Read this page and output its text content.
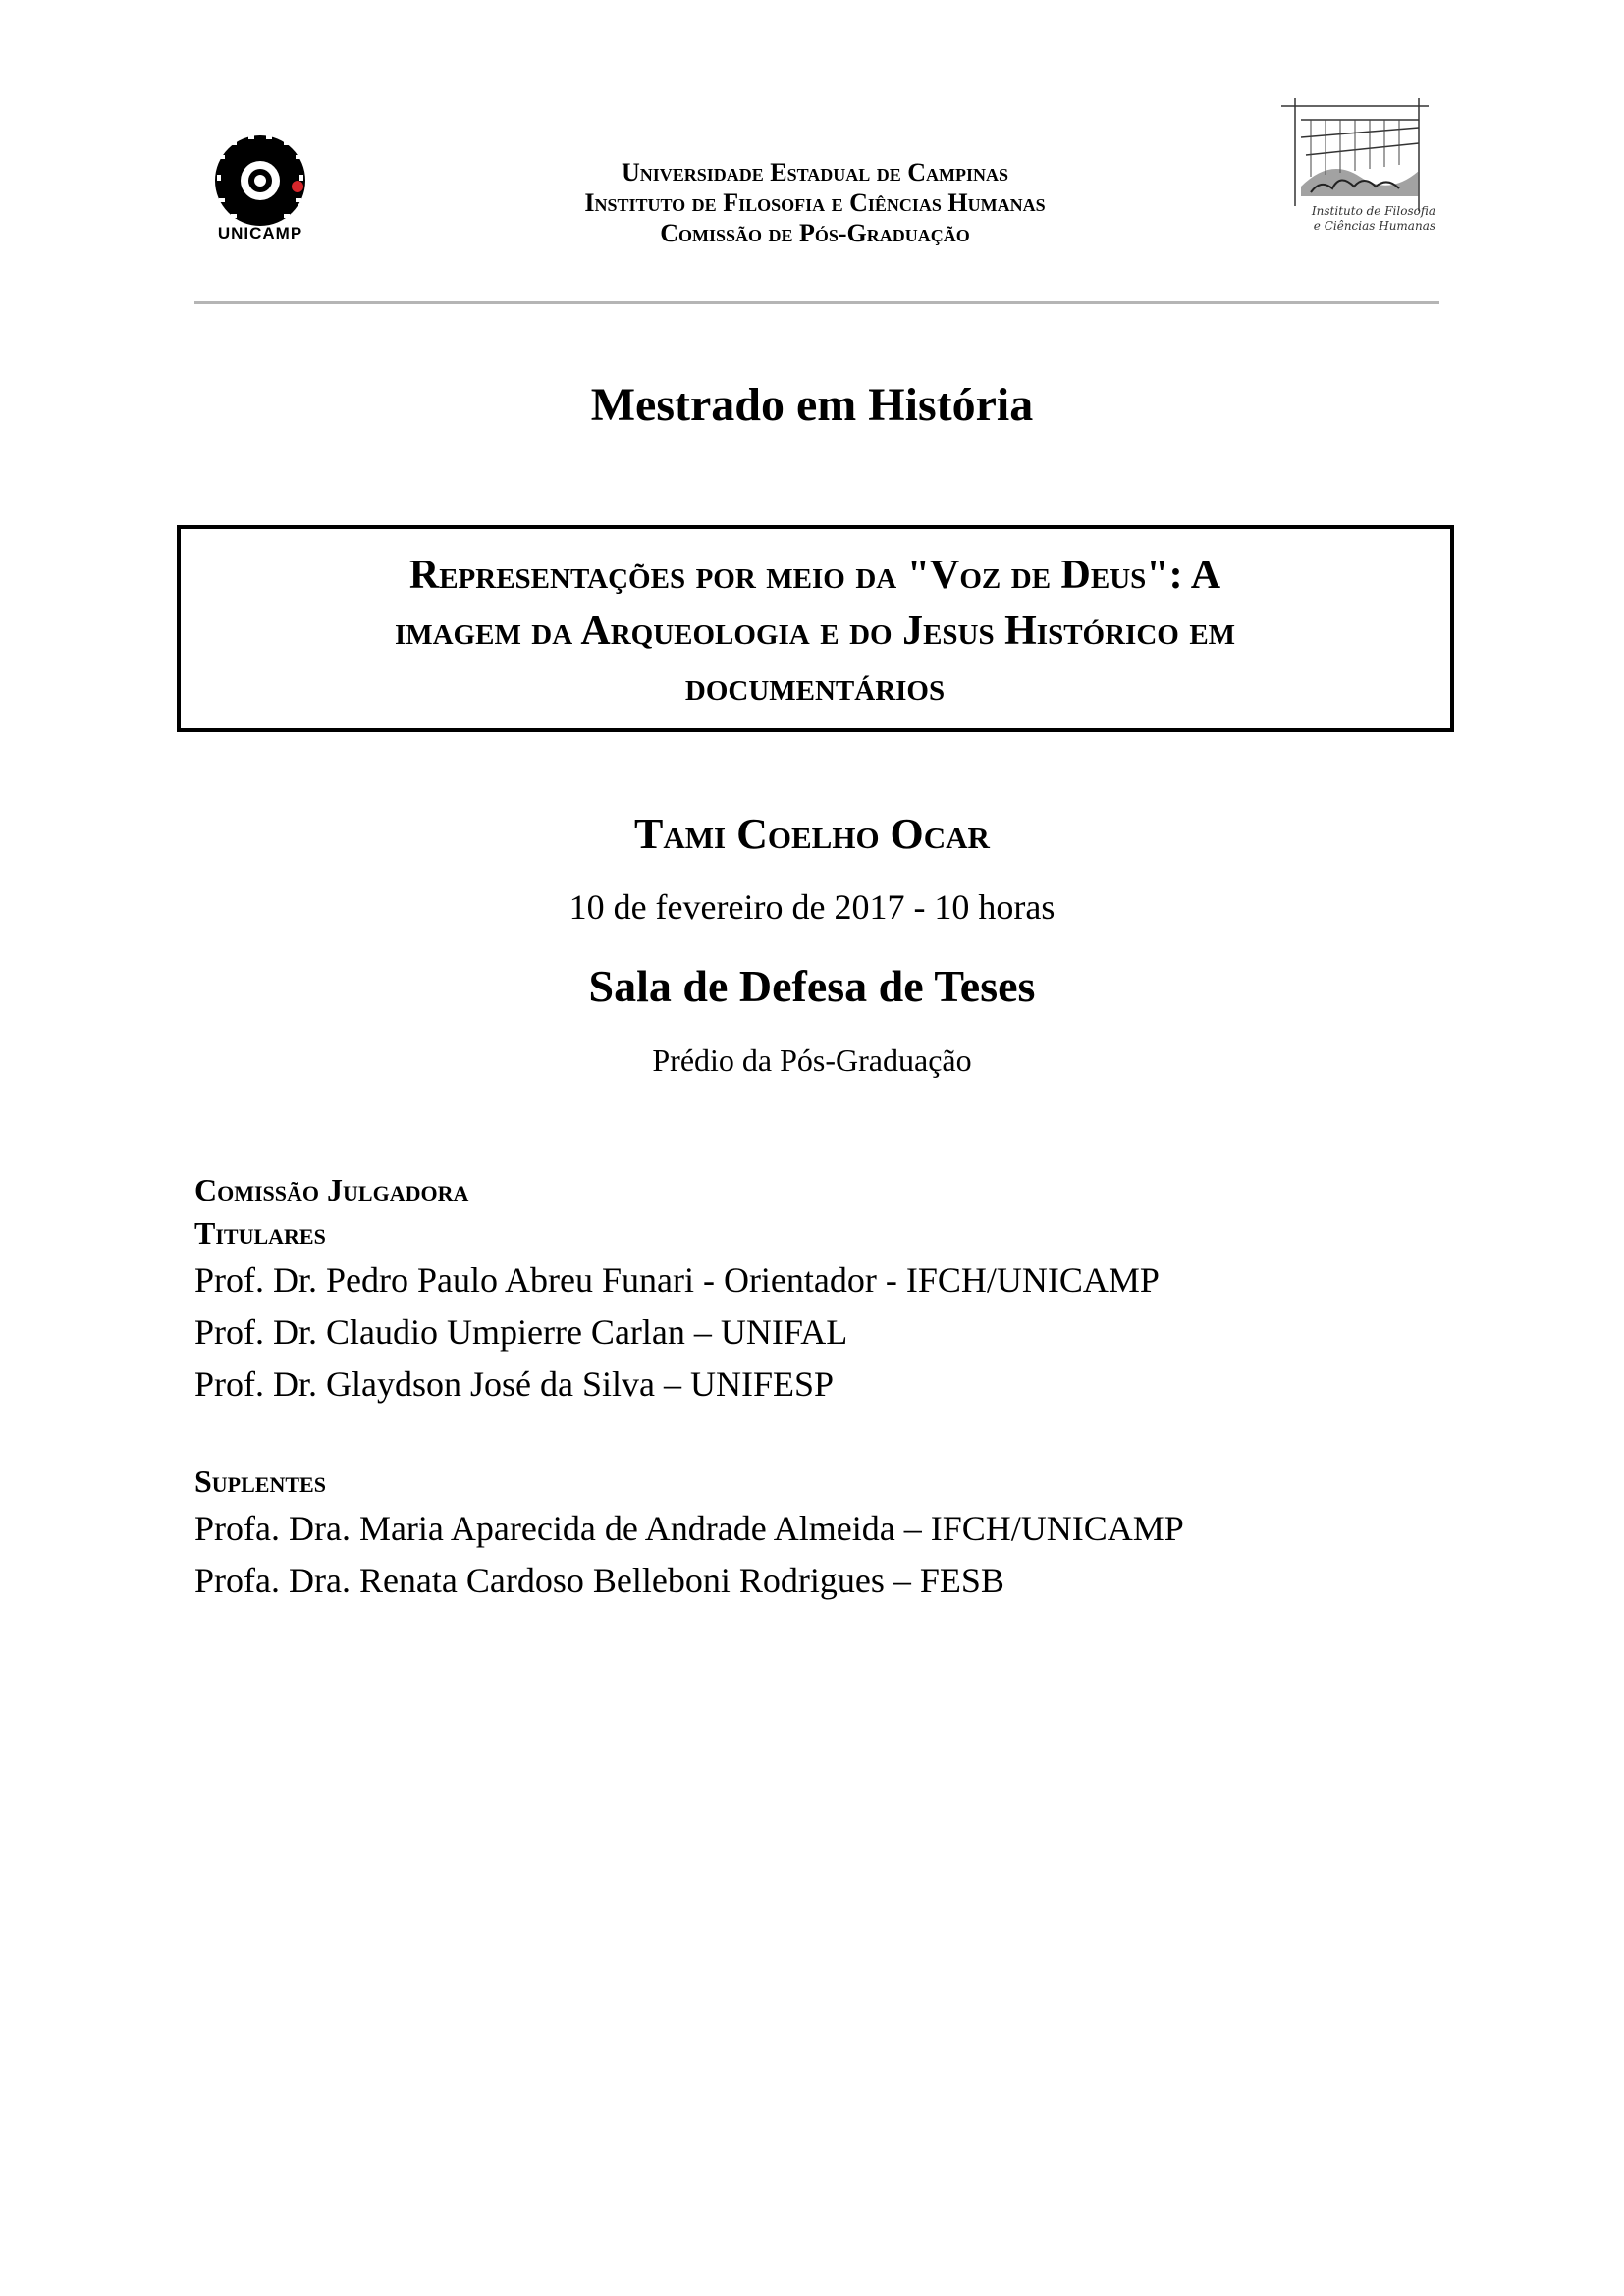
UNICAMP
Universidade Estadual de Campinas
Instituto de Filosofia e Ciências Humanas
Comissão de Pós-Graduação
Instituto de Filosofia
e Ciências Humanas
Mestrado em História
Representações por meio da "Voz de Deus": A
imagem da Arqueologia e do Jesus Histórico em
documentários
Tami Coelho Ocar
10 de fevereiro de 2017 - 10 horas
Sala de Defesa de Teses
Prédio da Pós-Graduação
Comissão Julgadora
Titulares
Prof. Dr. Pedro Paulo Abreu Funari - Orientador - IFCH/UNICAMP
Prof. Dr. Claudio Umpierre Carlan – UNIFAL
Prof. Dr. Glaydson José da Silva – UNIFESP
Suplentes
Profa. Dra. Maria Aparecida de Andrade Almeida – IFCH/UNICAMP
Profa. Dra. Renata Cardoso Belleboni Rodrigues – FESB
